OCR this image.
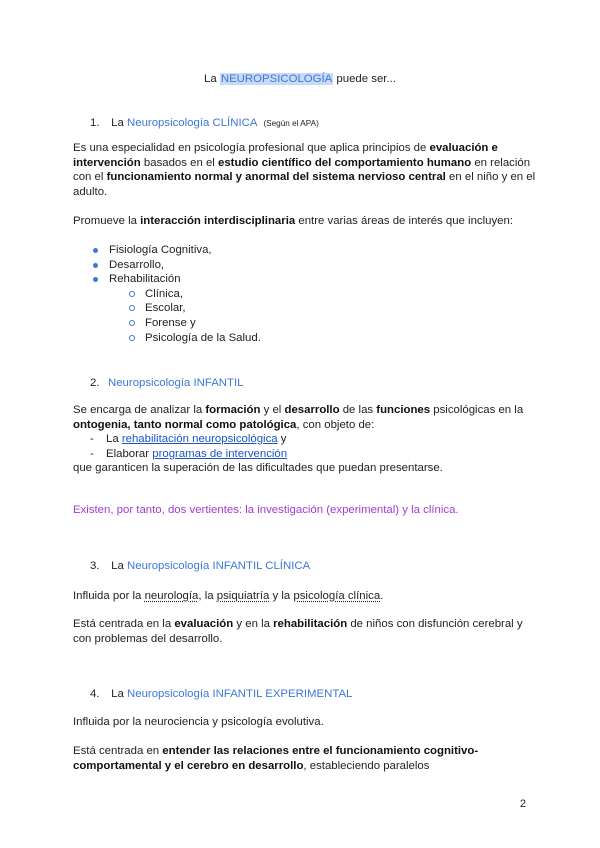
La NEUROPSICOLOGÍA puede ser...
1. La Neuropsicología CLÍNICA (Según el APA)
Es una especialidad en psicología profesional que aplica principios de evaluación e intervención basados en el estudio científico del comportamiento humano en relación con el funcionamiento normal y anormal del sistema nervioso central en el niño y en el adulto.
Promueve la interacción interdisciplinaria entre varias áreas de interés que incluyen:
Fisiología Cognitiva,
Desarrollo,
Rehabilitación
Clínica,
Escolar,
Forense y
Psicología de la Salud.
2. Neuropsicología INFANTIL
Se encarga de analizar la formación y el desarrollo de las funciones psicológicas en la ontogenia, tanto normal como patológica, con objeto de:
- La rehabilitación neuropsicológica y
- Elaborar programas de intervención
que garanticen la superación de las dificultades que puedan presentarse.
Existen, por tanto, dos vertientes: la investigación (experimental) y la clínica.
3. La Neuropsicología INFANTIL CLÍNICA
Influida por la neurología, la psiquiatría y la psicología clínica.
Está centrada en la evaluación y en la rehabilitación de niños con disfunción cerebral y con problemas del desarrollo.
4. La Neuropsicología INFANTIL EXPERIMENTAL
Influida por la neurociencia y psicología evolutiva.
Está centrada en entender las relaciones entre el funcionamiento cognitivo-comportamental y el cerebro en desarrollo, estableciendo paralelos
2
